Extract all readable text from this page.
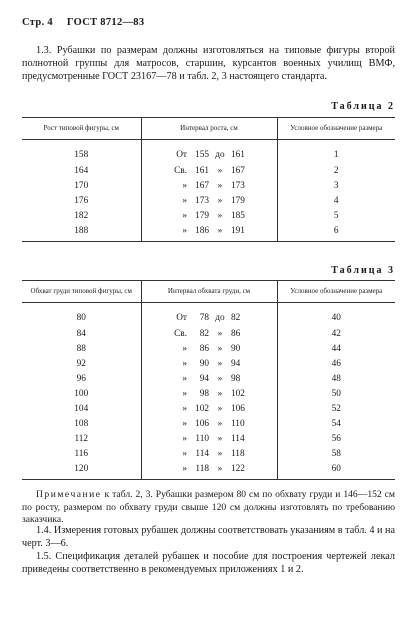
Стр. 4 ГОСТ 8712—83
1.3. Рубашки по размерам должны изготовляться на типовые фигуры второй полнотной группы для матросов, старшин, курсантов военных училищ ВМФ, предусмотренные ГОСТ 23167—78 и табл. 2, 3 настоящего стандарта.
Таблица 2
Рост типовой фигуры, см	Интервал роста, см	Условное обозначение размера
158	От 155 до 161	1
164	Св. 161 » 167	2
170	» 167 » 173	3
176	» 173 » 179	4
182	» 179 » 185	5
188	» 186 » 191	6
Таблица 3
Обхват груди типовой фигуры, см	Интервал обхвата груди, см	Условное обозначение размера
80	От 78 до 82	40
84	Св. 82 » 86	42
88	» 86 » 90	44
92	» 90 » 94	46
96	» 94 » 98	48
100	» 98 » 102	50
104	» 102 » 106	52
108	» 106 » 110	54
112	» 110 » 114	56
116	» 114 » 118	58
120	» 118 » 122	60
Примечание к табл. 2, 3. Рубашки размером 80 см по обхвату груди и 146—152 см по росту, размером по обхвату груди свыше 120 см должны изготовлять по требованию заказчика.
1.4. Измерения готовых рубашек должны соответствовать указаниям в табл. 4 и на черт. 3—6.
1.5. Спецификация деталей рубашек и пособие для построения чертежей лекал приведены соответственно в рекомендуемых приложениях 1 и 2.
